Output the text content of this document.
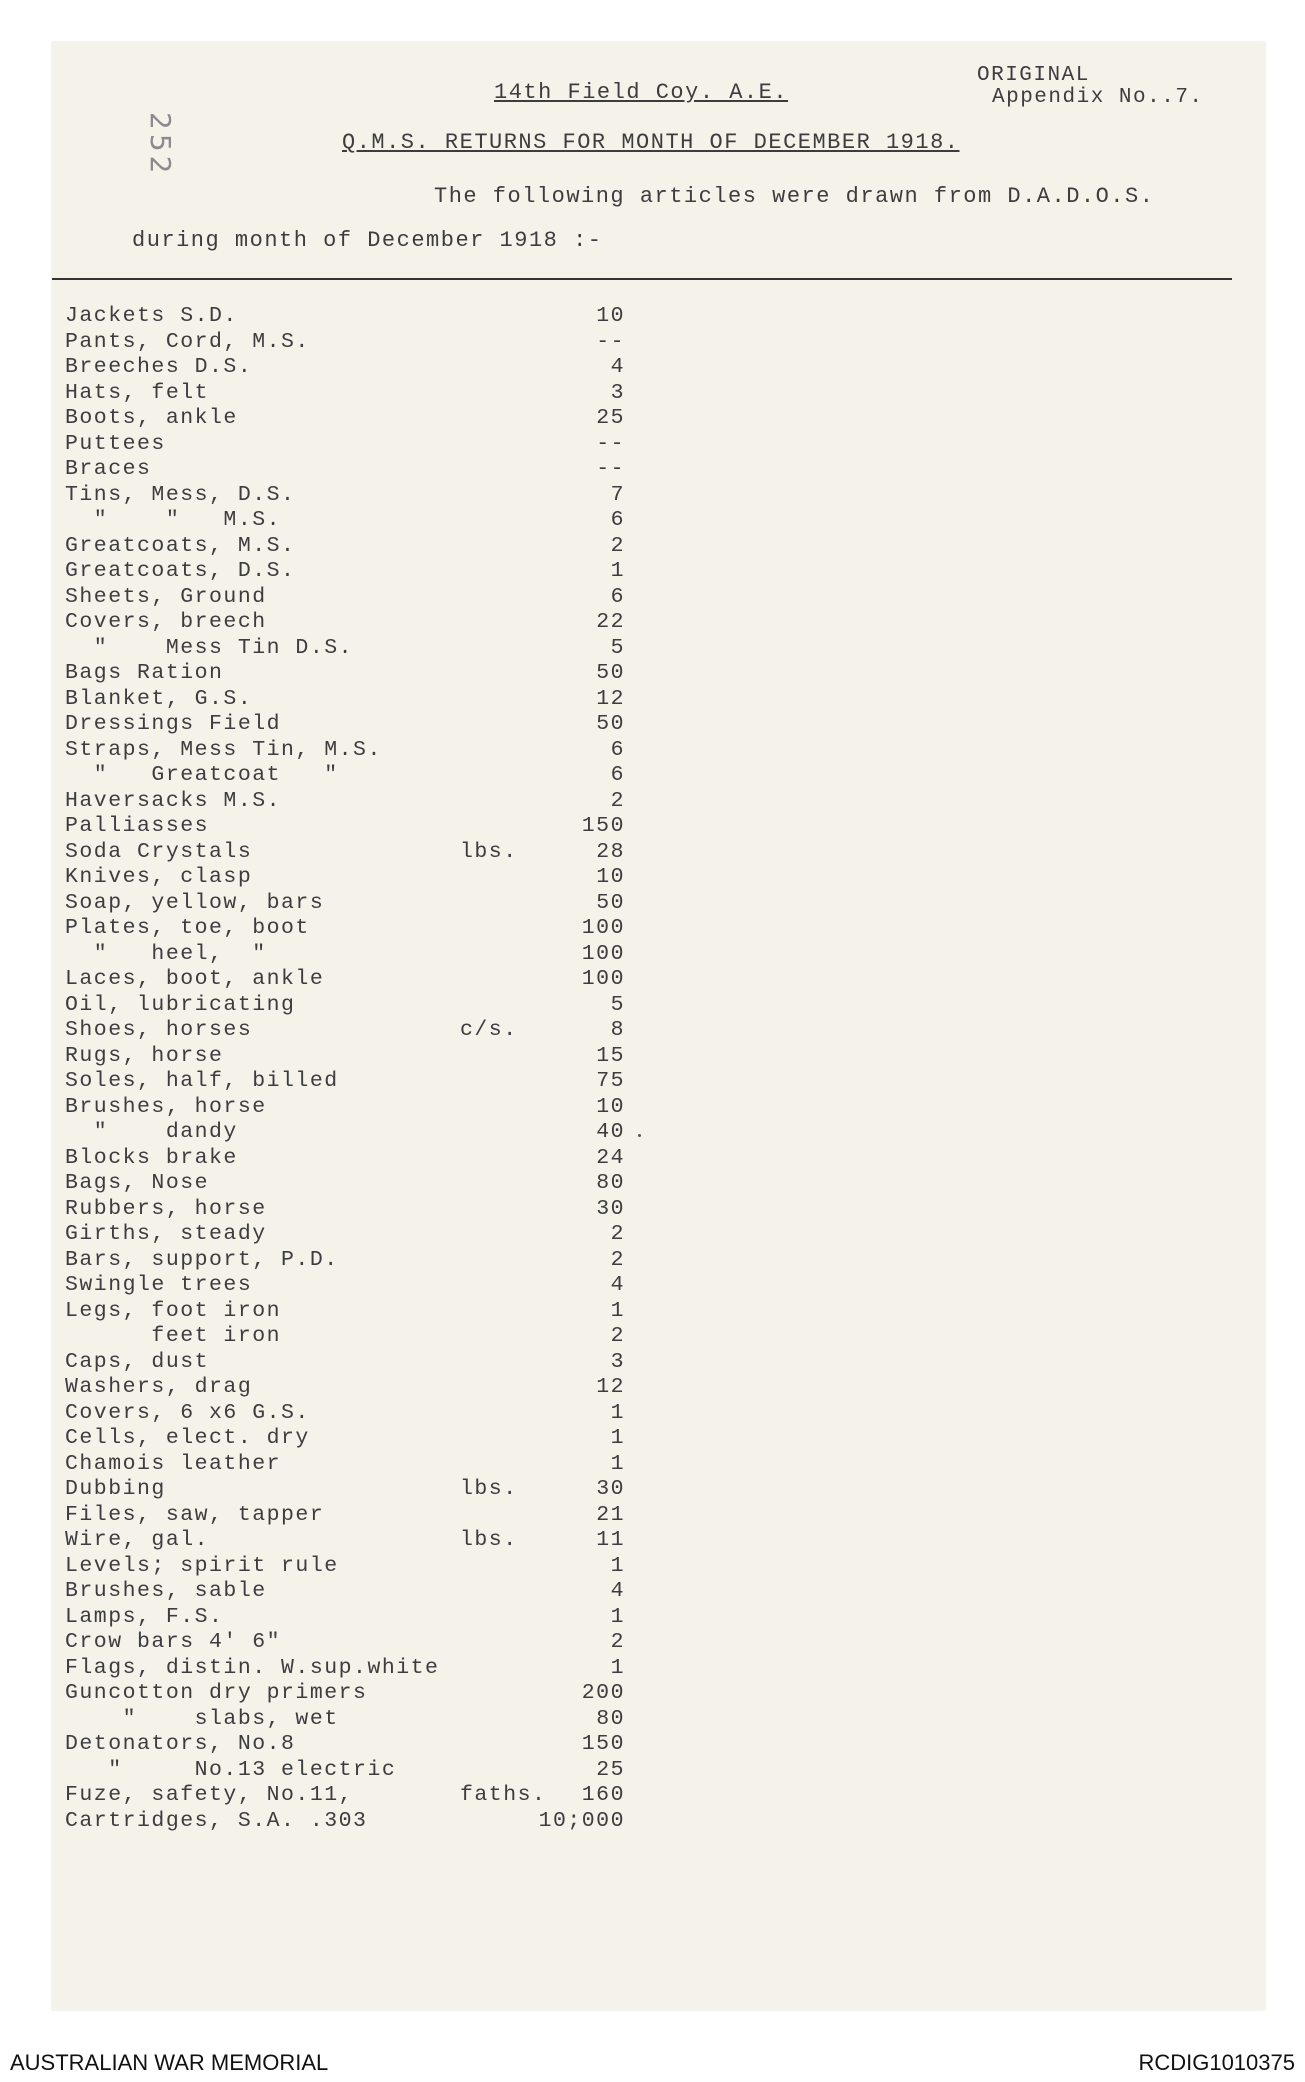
14th Field Coy. A.E.
ORIGINAL
Appendix No..7.
252	Q.M.S. RETURNS FOR MONTH OF DECEMBER 1918.
The following articles were drawn from D.A.D.O.S.
during month of December 1918 :-
Jackets S.D.	10
Pants, Cord, M.S.	--
Breeches D.S.	4
Hats, felt	3
Boots, ankle	25
Puttees	--
Braces	--
Tins, Mess, D.S.	7
"    "   M.S.	6
Greatcoats, M.S.	2
Greatcoats, D.S.	1
Sheets, Ground	6
Covers, breech	22
"    Mess Tin D.S.	5
Bags Ration	50
Blanket, G.S.	12
Dressings Field	50
Straps, Mess Tin, M.S.	6
"   Greatcoat   "	6
Haversacks M.S.	2
Palliasses	150
Soda Crystals	lbs.	28
Knives, clasp	10
Soap, yellow, bars	50
Plates, toe, boot	100
"   heel,  "	100
Laces, boot, ankle	100
Oil, lubricating	5
Shoes, horses	c/s.	8
Rugs, horse	15
Soles, half, billed	75
Brushes, horse	10
"    dandy	40
Blocks brake	24
Bags, Nose	80
Rubbers, horse	30
Girths, steady	2
Bars, support, P.D.	2
Swingle trees	4
Legs, foot iron	1
feet iron	2
Caps, dust	3
Washers, drag	12
Covers, 6 x6 G.S.	1
Cells, elect. dry	1
Chamois leather	1
Dubbing	lbs.	30
Files, saw, tapper	21
Wire, gal.	lbs.	11
Levels; spirit rule	1
Brushes, sable	4
Lamps, F.S.	1
Crow bars 4' 6"	2
Flags, distin. W.sup.white	1
Guncotton dry primers	200
"    slabs, wet	80
Detonators, No.8	150
"     No.13 electric	25
Fuze, safety, No.11,	faths.	160
Cartridges, S.A. .303	10;000
AUSTRALIAN WAR MEMORIAL	RCDIG1010375
